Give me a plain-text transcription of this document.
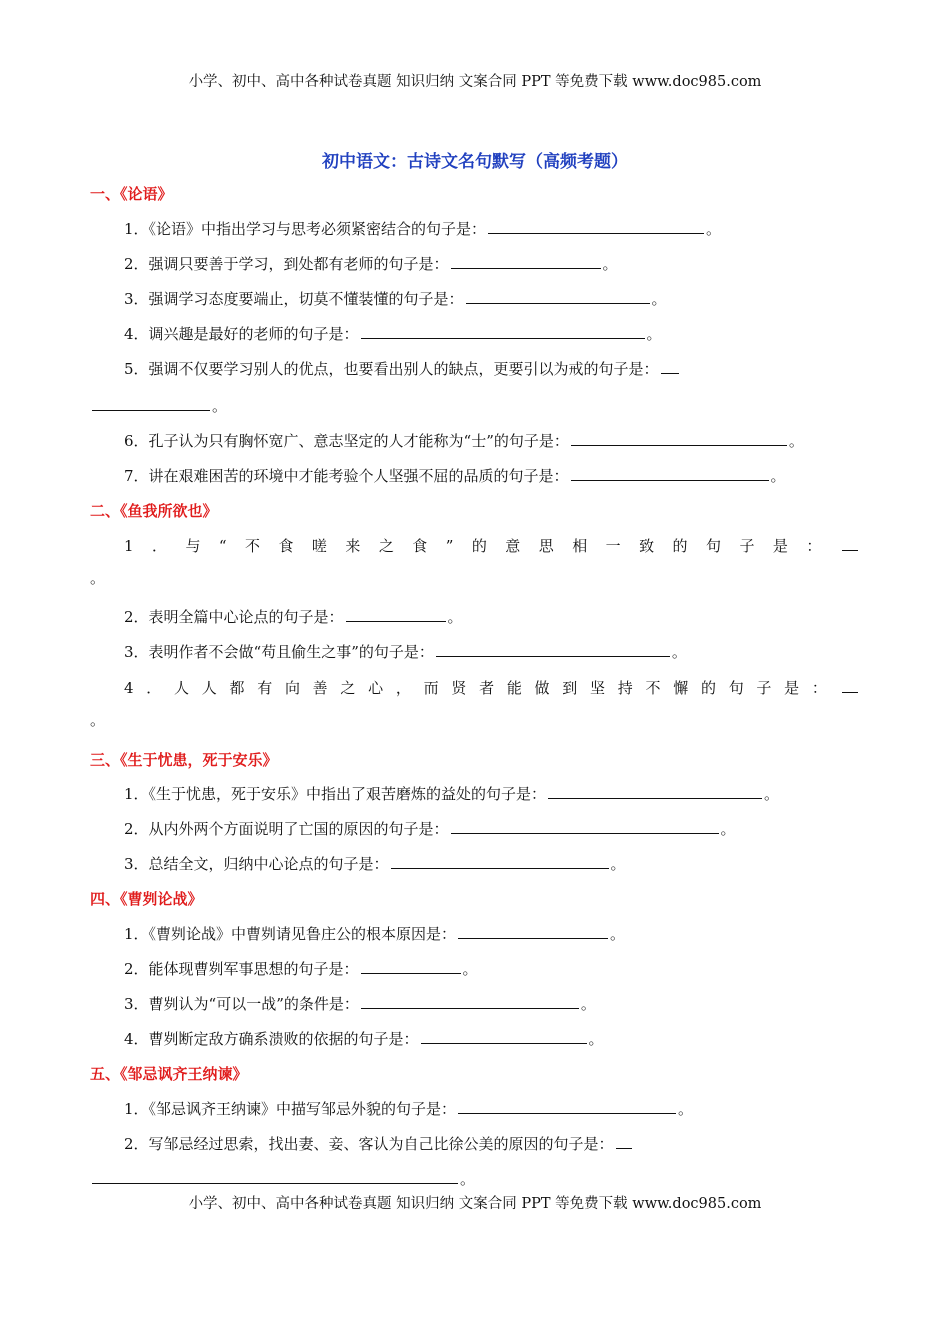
小学、初中、高中各种试卷真题 知识归纳 文案合同 PPT 等免费下载 www.doc985.com
初中语文：古诗文名句默写（高频考题）
一、《论语》
1．《论语》中指出学习与思考必须紧密结合的句子是：	。
2．强调只要善于学习，到处都有老师的句子是：	。
3．强调学习态度要端止，切莫不懂装懂的句子是：	。
4．调兴趣是最好的老师的句子是：	。
5．强调不仅要学习别人的优点，也要看出别人的缺点，更要引以为戒的句子是：
。
6．孔子认为只有胸怀宽广、意志坚定的人才能称为“士”的句子是：	。
7．讲在艰难困苦的环境中才能考验个人坚强不屈的品质的句子是：	。
二、《鱼我所欲也》
1 ． 与 “ 不 食 嗟 来 之 食 ” 的 意 思 相 一 致 的 句 子 是 ：
。
2．表明全篇中心论点的句子是：	。
3．表明作者不会做“苟且偷生之事”的句子是：	。
4 ． 人 人 都 有 向 善 之 心 ， 而 贤 者 能 做 到 坚 持 不 懈 的 句 子 是 ：
。
三、《生于忧患，死于安乐》
1．《生于忧患，死于安乐》中指出了艰苦磨炼的益处的句子是：	。
2．从内外两个方面说明了亡国的原因的句子是：	。
3．总结全文，归纳中心论点的句子是：	。
四、《曹刿论战》
1．《曹刿论战》中曹刿请见鲁庄公的根本原因是：	。
2．能体现曹刿军事思想的句子是：	。
3．曹刿认为“可以一战”的条件是：	。
4．曹刿断定敌方确系溃败的依据的句子是：	。
五、《邹忌讽齐王纳谏》
1．《邹忌讽齐王纳谏》中描写邹忌外貌的句子是：	。
2．写邹忌经过思索，找出妻、妾、客认为自己比徐公美的原因的句子是：
。
小学、初中、高中各种试卷真题 知识归纳 文案合同 PPT 等免费下载 www.doc985.com
